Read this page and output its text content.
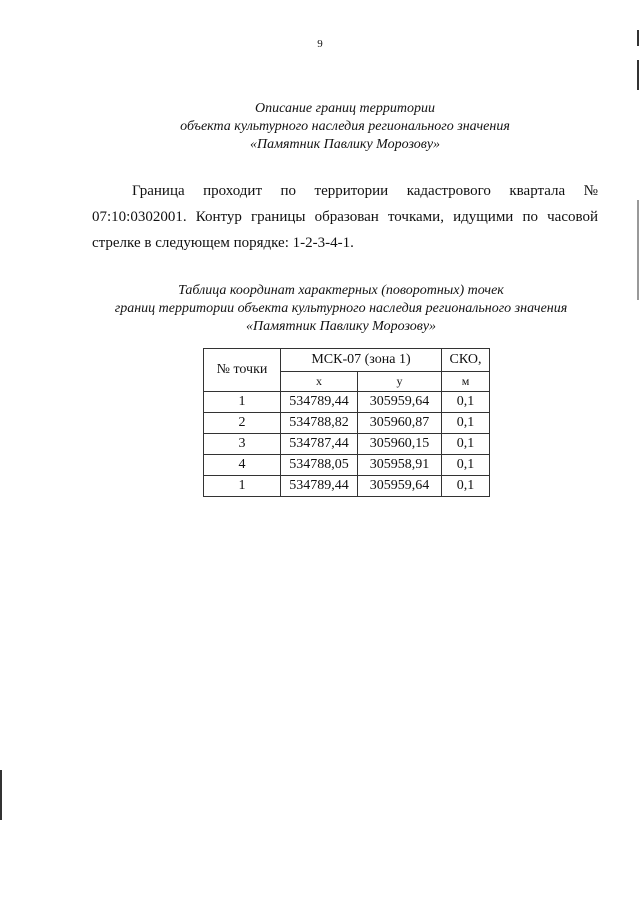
9
Описание границ территории
объекта культурного наследия регионального значения
«Памятник Павлику Морозову»
Граница проходит по территории кадастрового квартала №
07:10:0302001. Контур границы образован точками, идущими по часовой
стрелке в следующем порядке: 1-2-3-4-1.
Таблица координат характерных (поворотных) точек
границ территории объекта культурного наследия регионального значения
«Памятник Павлику Морозову»
№ точки	МСК-07 (зона 1)		СКО,
	x	y	м
1	534789,44	305959,64	0,1
2	534788,82	305960,87	0,1
3	534787,44	305960,15	0,1
4	534788,05	305958,91	0,1
1	534789,44	305959,64	0,1
